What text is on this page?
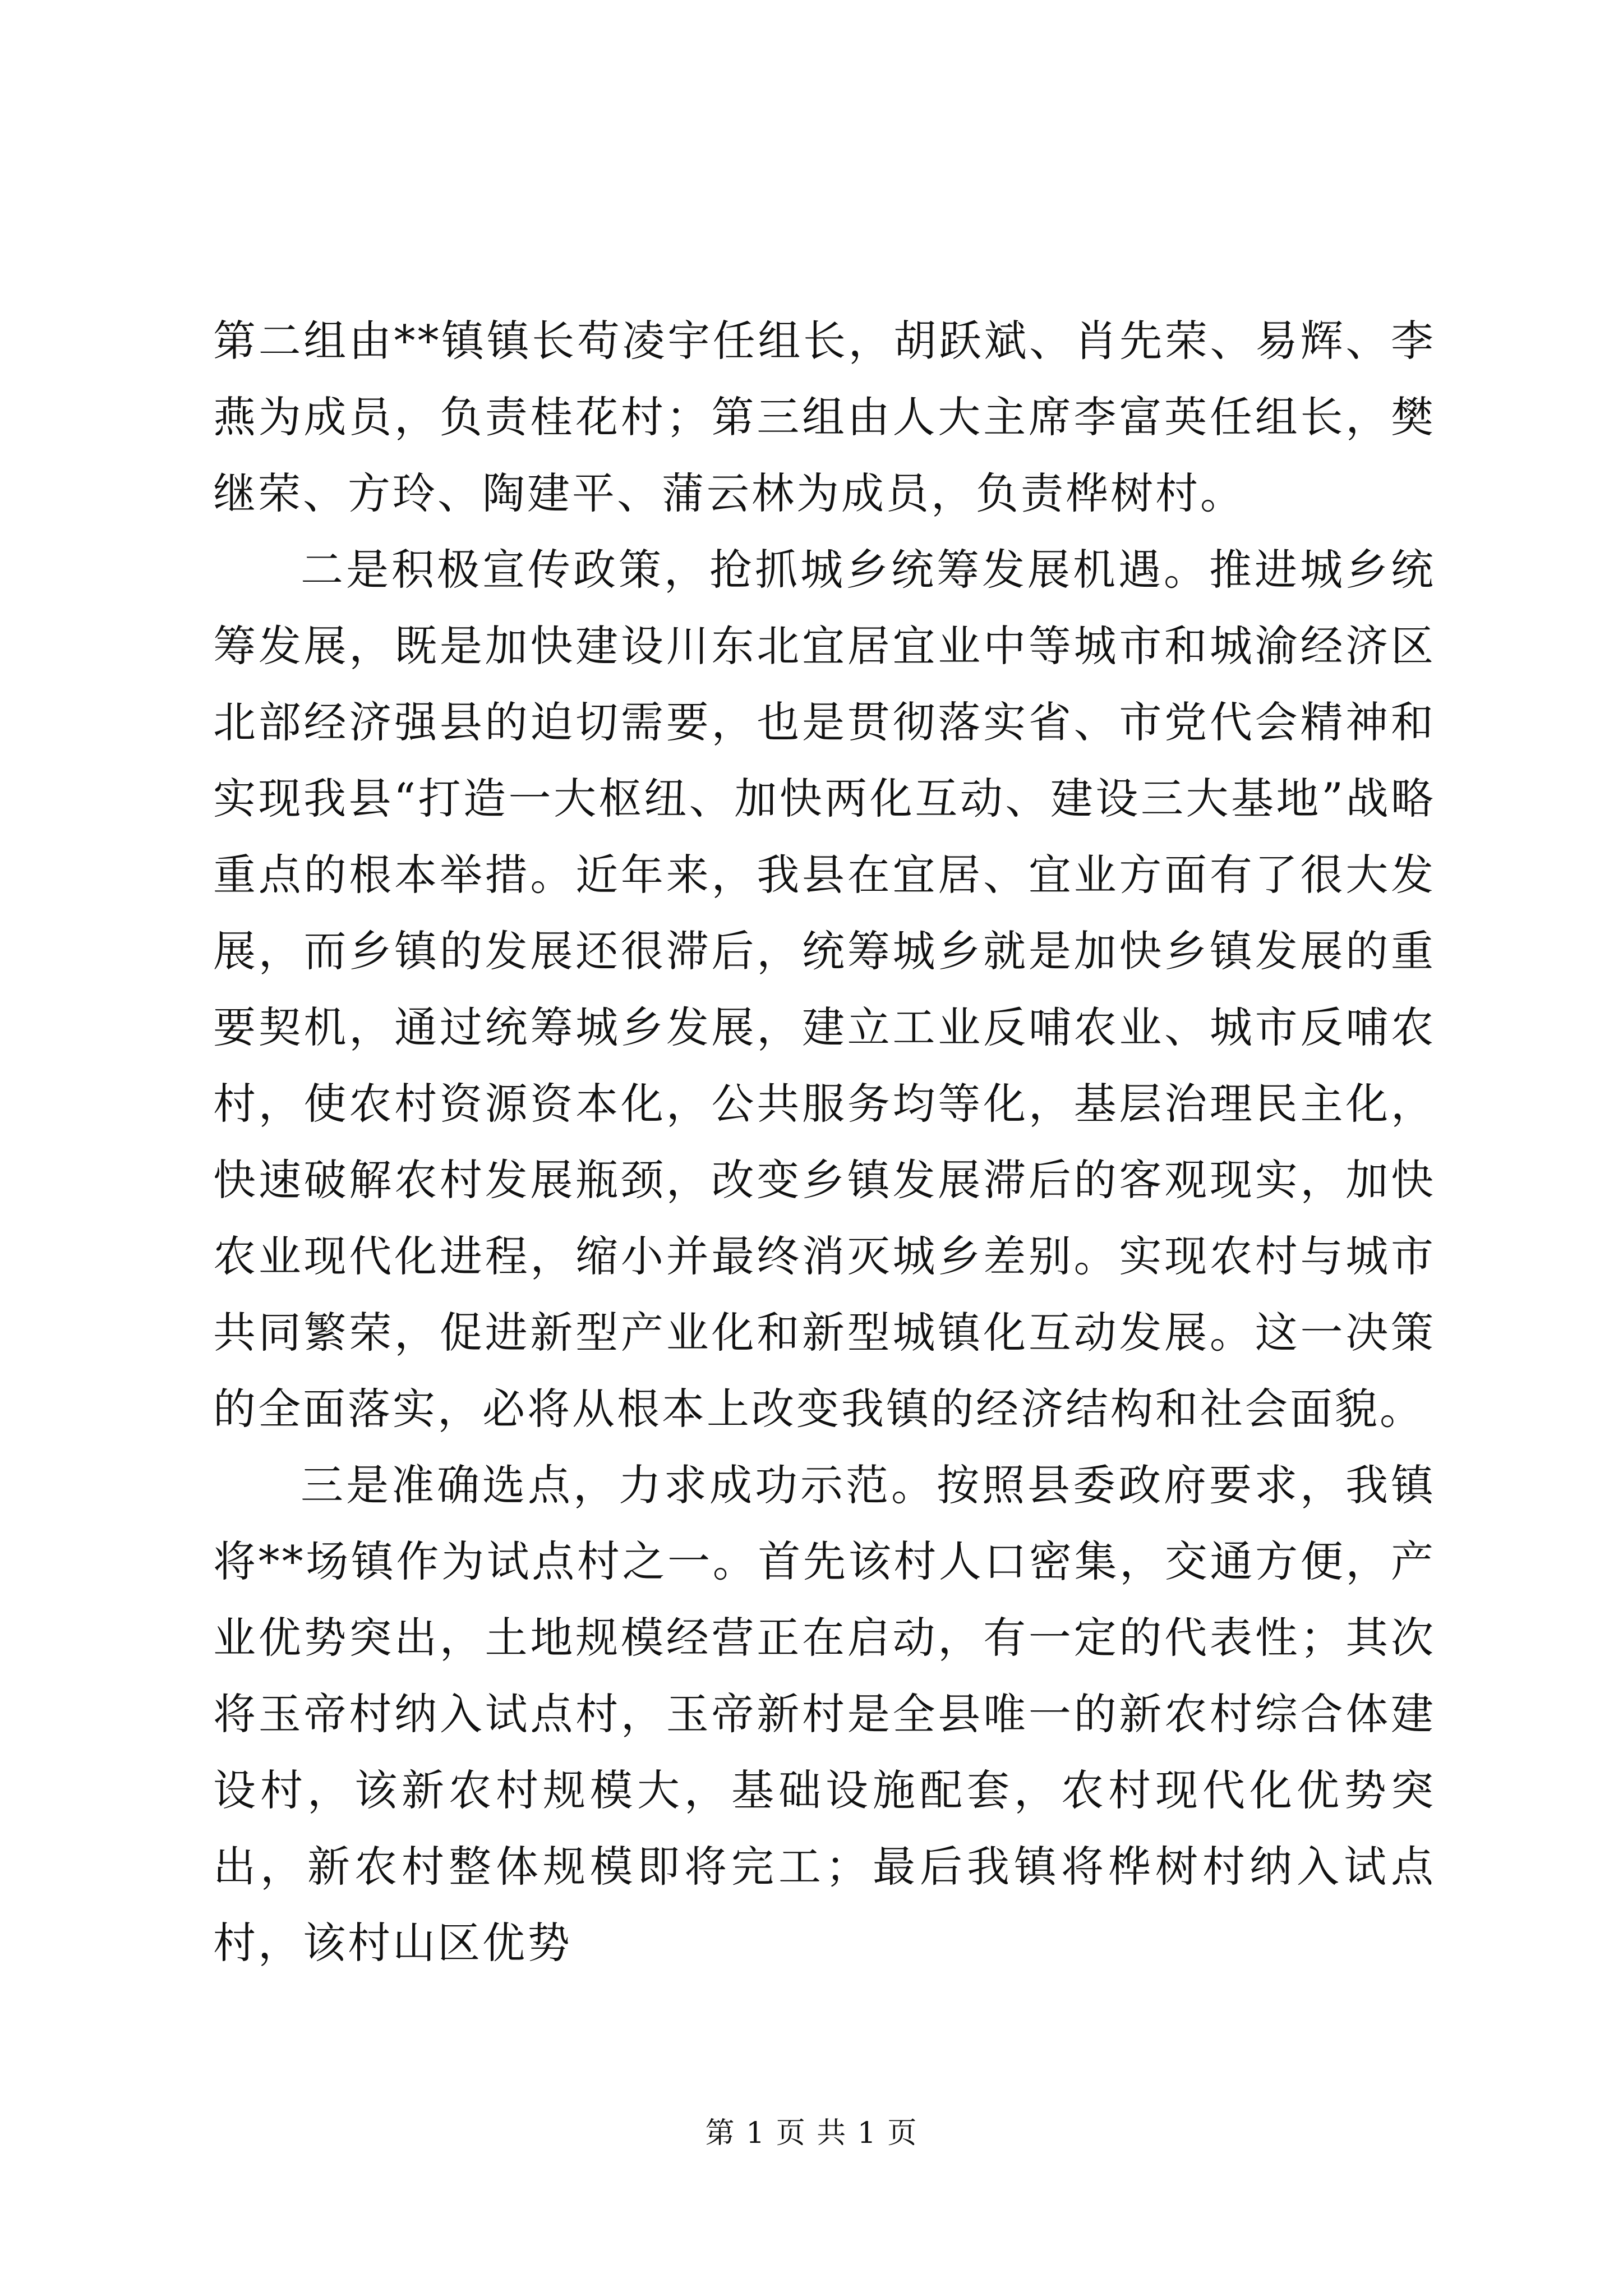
第二组由**镇镇长苟凌宇任组长，胡跃斌、肖先荣、易辉、李燕为成员，负责桂花村；第三组由人大主席李富英任组长，樊继荣、方玲、陶建平、蒲云林为成员，负责桦树村。

二是积极宣传政策，抢抓城乡统筹发展机遇。推进城乡统筹发展，既是加快建设川东北宜居宜业中等城市和城渝经济区北部经济强县的迫切需要，也是贯彻落实省、市党代会精神和实现我县“打造一大枢纽、加快两化互动、建设三大基地”战略重点的根本举措。近年来，我县在宜居、宜业方面有了很大发展，而乡镇的发展还很滞后，统筹城乡就是加快乡镇发展的重要契机，通过统筹城乡发展，建立工业反哺农业、城市反哺农村，使农村资源资本化，公共服务均等化，基层治理民主化，快速破解农村发展瓶颈，改变乡镇发展滞后的客观现实，加快农业现代化进程，缩小并最终消灭城乡差别。实现农村与城市共同繁荣，促进新型产业化和新型城镇化互动发展。这一决策的全面落实，必将从根本上改变我镇的经济结构和社会面貌。

三是准确选点，力求成功示范。按照县委政府要求，我镇将**场镇作为试点村之一。首先该村人口密集，交通方便，产业优势突出，土地规模经营正在启动，有一定的代表性；其次将玉帝村纳入试点村，玉帝新村是全县唯一的新农村综合体建设村，该新农村规模大，基础设施配套，农村现代化优势突出，新农村整体规模即将完工；最后我镇将桦树村纳入试点村，该村山区优势

第 1 页 共 1 页
